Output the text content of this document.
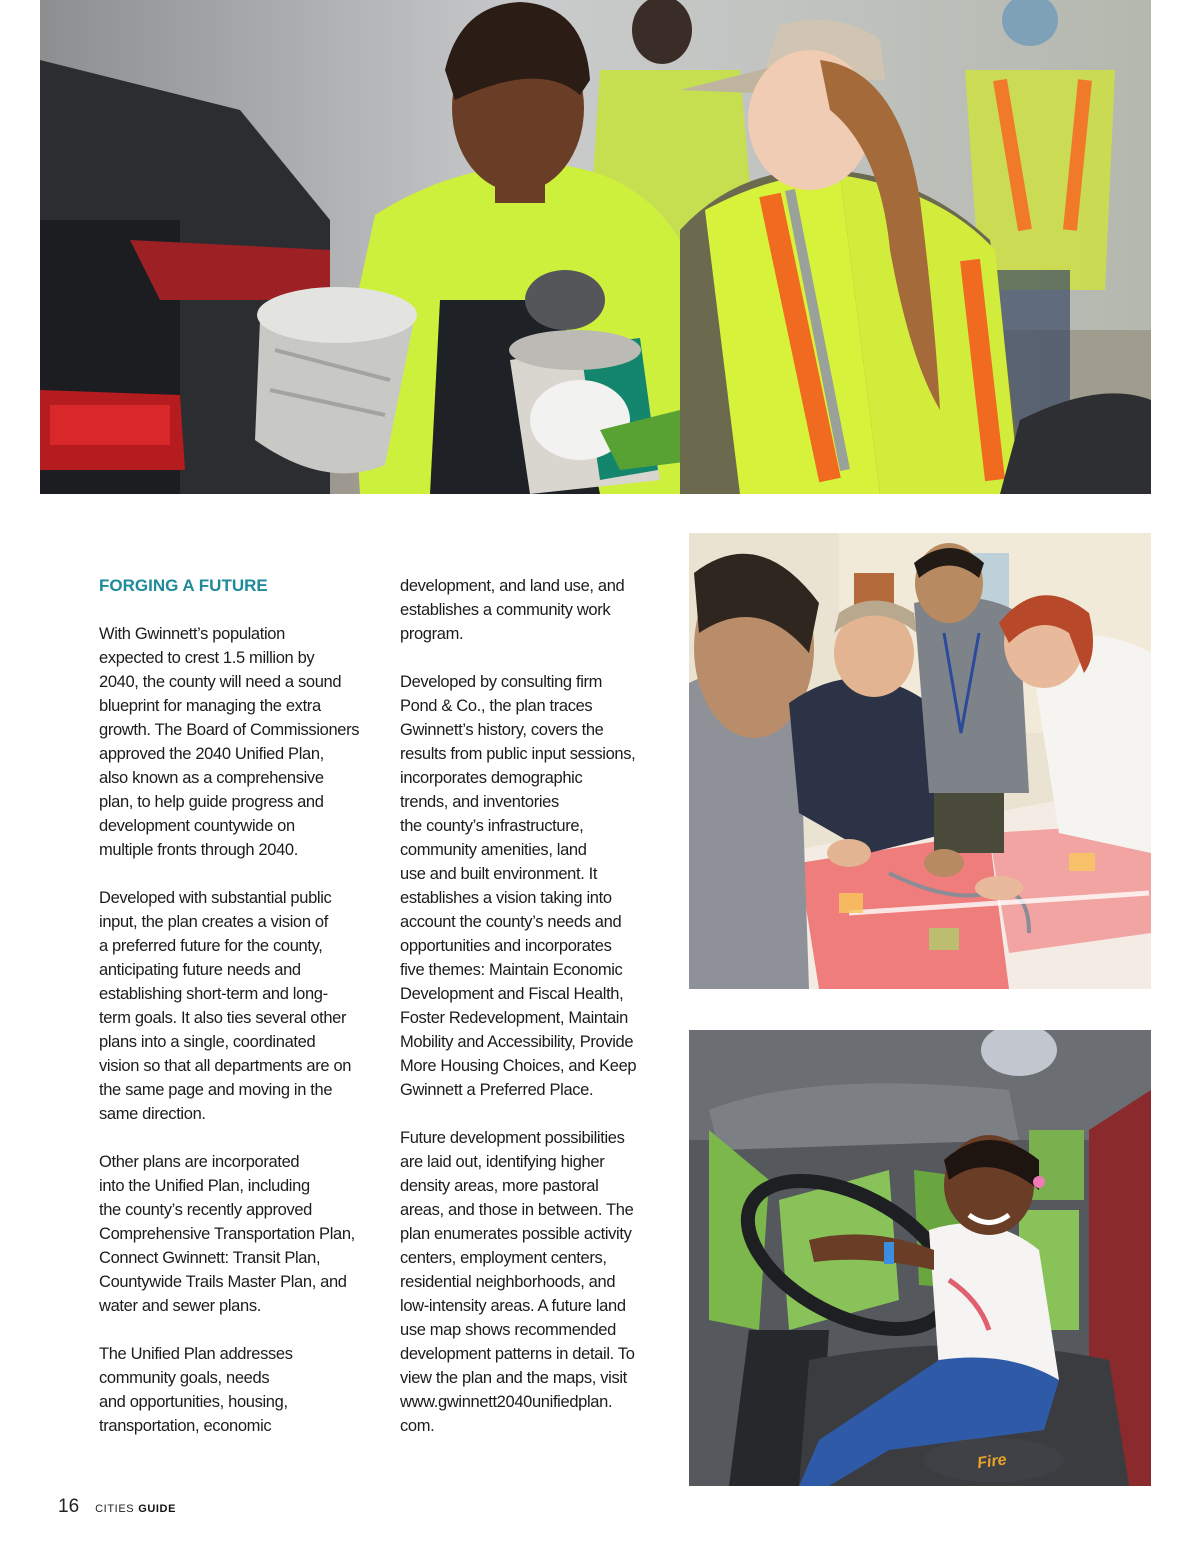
Fire
FORGING A FUTURE

With Gwinnett’s population
expected to crest 1.5 million by
2040, the county will need a sound
blueprint for managing the extra
growth. The Board of Commissioners
approved the 2040 Unified Plan,
also known as a comprehensive
plan, to help guide progress and
development countywide on
multiple fronts through 2040.

Developed with substantial public
input, the plan creates a vision of
a preferred future for the county,
anticipating future needs and
establishing short-term and long-
term goals. It also ties several other
plans into a single, coordinated
vision so that all departments are on
the same page and moving in the
same direction.

Other plans are incorporated
into the Unified Plan, including
the county’s recently approved
Comprehensive Transportation Plan,
Connect Gwinnett: Transit Plan,
Countywide Trails Master Plan, and
water and sewer plans.

The Unified Plan addresses
community goals, needs
and opportunities, housing,
transportation, economic

development, and land use, and
establishes a community work
program.

Developed by consulting firm
Pond & Co., the plan traces
Gwinnett’s history, covers the
results from public input sessions,
incorporates demographic
trends, and inventories
the county’s infrastructure,
community amenities, land
use and built environment. It
establishes a vision taking into
account the county’s needs and
opportunities and incorporates
five themes: Maintain Economic
Development and Fiscal Health,
Foster Redevelopment, Maintain
Mobility and Accessibility, Provide
More Housing Choices, and Keep
Gwinnett a Preferred Place.

Future development possibilities
are laid out, identifying higher
density areas, more pastoral
areas, and those in between. The
plan enumerates possible activity
centers, employment centers,
residential neighborhoods, and
low-intensity areas. A future land
use map shows recommended
development patterns in detail. To
view the plan and the maps, visit
www.gwinnett2040unifiedplan.
com.

16 CITIES GUIDE
